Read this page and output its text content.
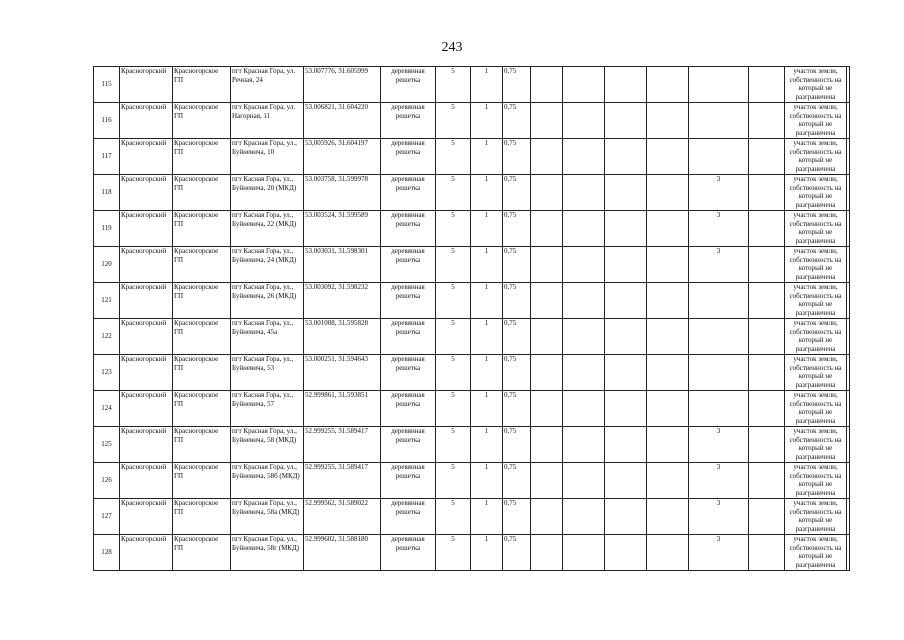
243
115	Красногорский	Красногорское ГП	пгт Красная Гора, ул. Речная, 24	53.007776, 31.605999	деревянная решетка	5	1	0,75							участок земли, собственность на который не разграничена

116	Красногорский	Красногорское ГП	пгт Красная Гора, ул. Нагорная, 11	53.006821, 31.604220	деревянная решетка	5	1	0,75							участок земли, собственность на который не разграничена

117	Красногорский	Красногорское ГП	пгт Красная Гора, ул., Буйневича, 10	53,005926, 31,604197	деревянная решетка	5	1	0,75							участок земли, собственность на который не разграничена

118	Красногорский	Красногорское ГП	пгт Касная Гора, ул., Буйневича, 20 (МКД)	53.003758, 31.599978	деревянная решетка	5	1	0,75					3		участок земли, собственность на который не разграничена

119	Красногорский	Красногорское ГП	пгт Касная Гора, ул., Буйневича, 22 (МКД)	53.003524, 31.599589	деревянная решетка	5	1	0,75					3		участок земли, собственность на который не разграничена

120	Красногорский	Красногорское ГП	пгт Касная Гора, ул., Буйневича, 24 (МКД)	53.003031, 31.598301	деревянная решетка	5	1	0,75					3		участок земли, собственность на который не разграничена

121	Красногорский	Красногорское ГП	пгт Касная Гора, ул., Буйневича, 26 (МКД)	53.003092, 31.598232	деревянная решетка	5	1	0,75							участок земли, собственность на который не разграничена

122	Красногорский	Красногорское ГП	пгт Касная Гора, ул., Буйневича, 45а	53.001008, 31.595828	деревянная решетка	5	1	0,75							участок земли, собственность на который не разграничена

123	Красногорский	Красногорское ГП	пгт Касная Гора, ул., Буйневича, 53	53.000251, 31.594643	деревянная решетка	5	1	0,75							участок земли, собственность на который не разграничена

124	Красногорский	Красногорское ГП	пгт Касная Гора, ул., Буйневича, 57	52.999861, 31.593851	деревянная решетка	5	1	0,75							участок земли, собственность на который не разграничена

125	Красногорский	Красногорское ГП	пгт Красная Гора, ул., Буйневича, 58 (МКД)	52.999255, 31.589417	деревянная решетка	5	1	0,75					3		участок земли, собственность на который не разграничена

126	Красногорский	Красногорское ГП	пгт Красная Гора, ул., Буйневича, 58б (МКД)	52.999255, 31.589417	деревянная решетка	5	1	0,75					3		участок земли, собственность на который не разграничена

127	Красногорский	Красногорское ГП	пгт Красная Гора, ул., Буйневича, 58а (МКД)	52.999562, 31.589022	деревянная решетка	5	1	0,75					3		участок земли, собственность на который не разграничена

128	Красногорский	Красногорское ГП	пгт Красная Гора, ул., Буйневича, 58г (МКД)	52.999602, 31.588180	деревянная решетка	5	1	0,75					3		участок земли, собственность на который не разграничена
